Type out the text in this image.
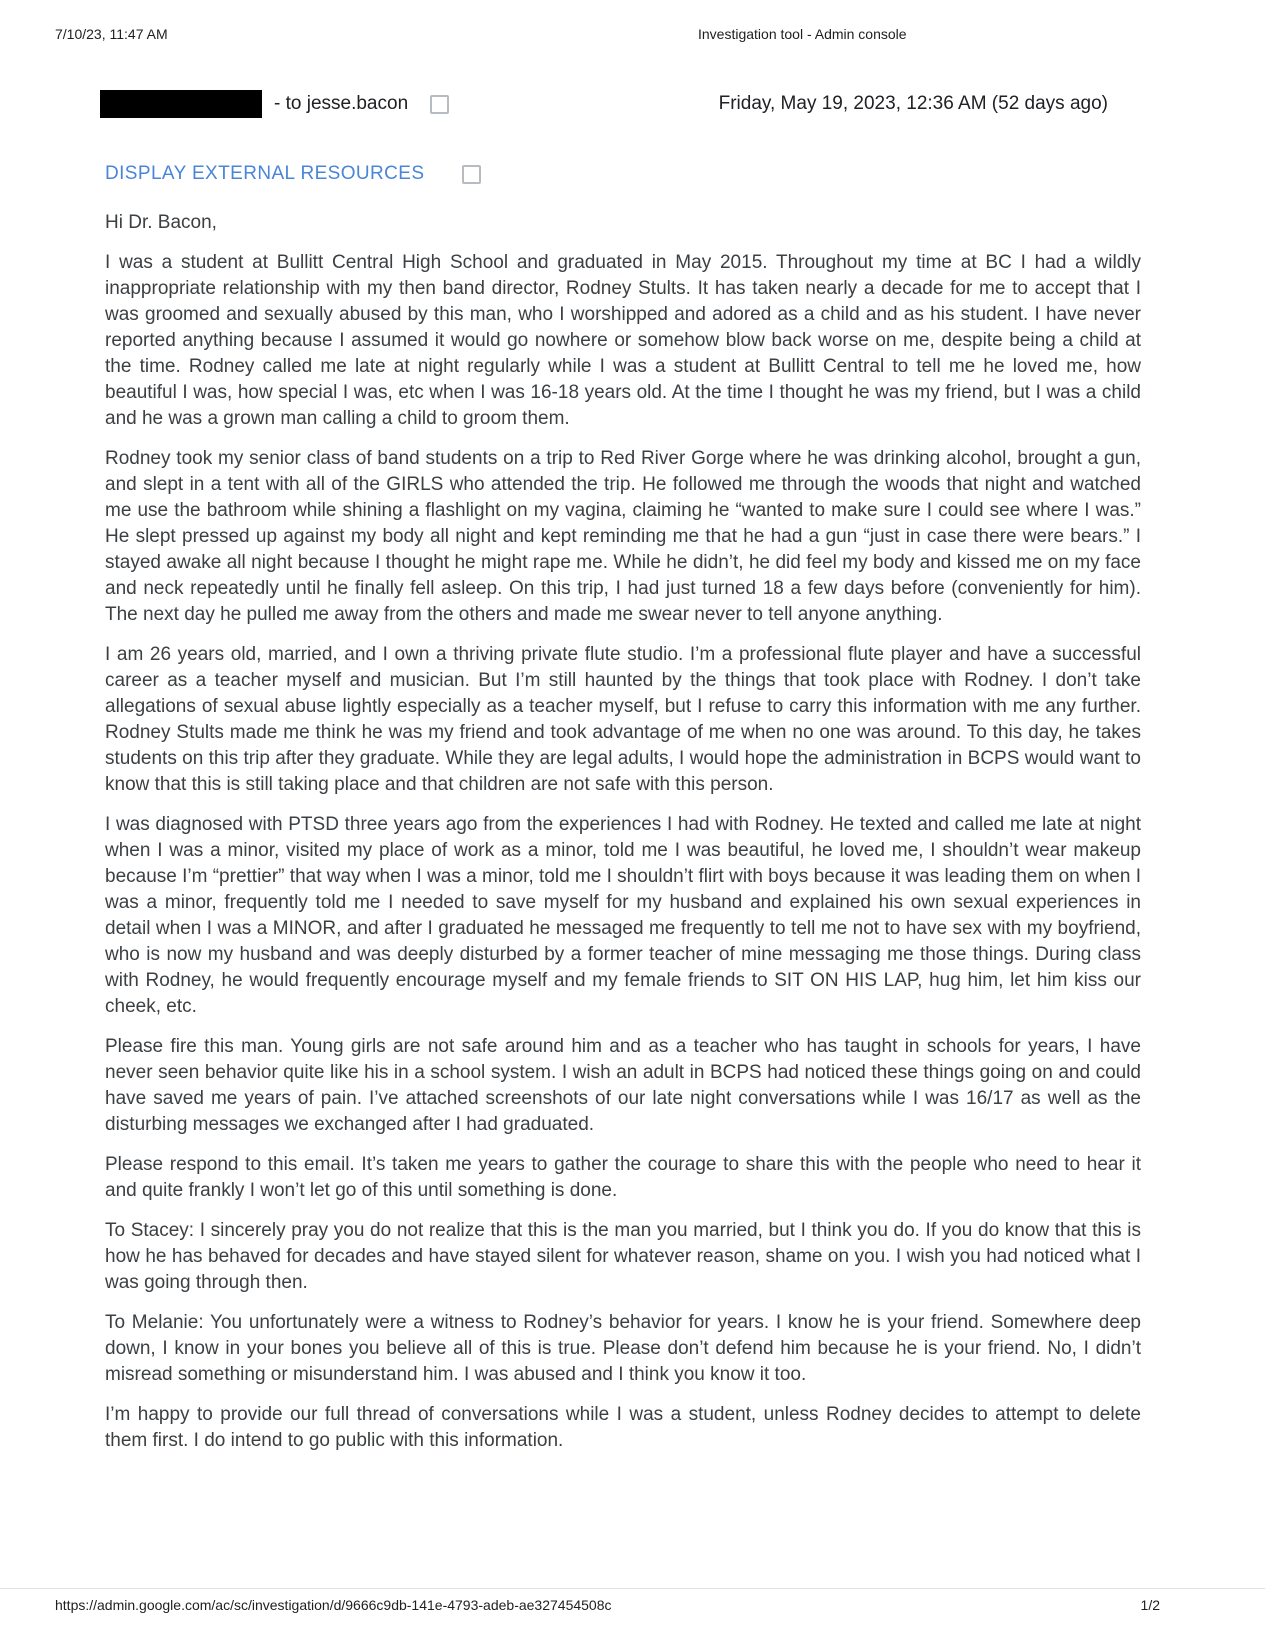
7/10/23, 11:47 AM	Investigation tool - Admin console
- to jesse.bacon	Friday, May 19, 2023, 12:36 AM (52 days ago)
DISPLAY EXTERNAL RESOURCES

Hi Dr. Bacon,

I was a student at Bullitt Central High School and graduated in May 2015. Throughout my time at BC I had a wildly inappropriate relationship with my then band director, Rodney Stults. It has taken nearly a decade for me to accept that I was groomed and sexually abused by this man, who I worshipped and adored as a child and as his student. I have never reported anything because I assumed it would go nowhere or somehow blow back worse on me, despite being a child at the time. Rodney called me late at night regularly while I was a student at Bullitt Central to tell me he loved me, how beautiful I was, how special I was, etc when I was 16-18 years old. At the time I thought he was my friend, but I was a child and he was a grown man calling a child to groom them.

Rodney took my senior class of band students on a trip to Red River Gorge where he was drinking alcohol, brought a gun, and slept in a tent with all of the GIRLS who attended the trip. He followed me through the woods that night and watched me use the bathroom while shining a flashlight on my vagina, claiming he “wanted to make sure I could see where I was.” He slept pressed up against my body all night and kept reminding me that he had a gun “just in case there were bears.” I stayed awake all night because I thought he might rape me. While he didn’t, he did feel my body and kissed me on my face and neck repeatedly until he finally fell asleep. On this trip, I had just turned 18 a few days before (conveniently for him). The next day he pulled me away from the others and made me swear never to tell anyone anything.

I am 26 years old, married, and I own a thriving private flute studio. I’m a professional flute player and have a successful career as a teacher myself and musician. But I’m still haunted by the things that took place with Rodney. I don’t take allegations of sexual abuse lightly especially as a teacher myself, but I refuse to carry this information with me any further. Rodney Stults made me think he was my friend and took advantage of me when no one was around. To this day, he takes students on this trip after they graduate. While they are legal adults, I would hope the administration in BCPS would want to know that this is still taking place and that children are not safe with this person.

I was diagnosed with PTSD three years ago from the experiences I had with Rodney. He texted and called me late at night when I was a minor, visited my place of work as a minor, told me I was beautiful, he loved me, I shouldn’t wear makeup because I’m “prettier” that way when I was a minor, told me I shouldn’t flirt with boys because it was leading them on when I was a minor, frequently told me I needed to save myself for my husband and explained his own sexual experiences in detail when I was a MINOR, and after I graduated he messaged me frequently to tell me not to have sex with my boyfriend, who is now my husband and was deeply disturbed by a former teacher of mine messaging me those things. During class with Rodney, he would frequently encourage myself and my female friends to SIT ON HIS LAP, hug him, let him kiss our cheek, etc.

Please fire this man. Young girls are not safe around him and as a teacher who has taught in schools for years, I have never seen behavior quite like his in a school system. I wish an adult in BCPS had noticed these things going on and could have saved me years of pain. I’ve attached screenshots of our late night conversations while I was 16/17 as well as the disturbing messages we exchanged after I had graduated.

Please respond to this email. It’s taken me years to gather the courage to share this with the people who need to hear it and quite frankly I won’t let go of this until something is done.

To Stacey: I sincerely pray you do not realize that this is the man you married, but I think you do. If you do know that this is how he has behaved for decades and have stayed silent for whatever reason, shame on you. I wish you had noticed what I was going through then.

To Melanie: You unfortunately were a witness to Rodney’s behavior for years. I know he is your friend. Somewhere deep down, I know in your bones you believe all of this is true. Please don’t defend him because he is your friend. No, I didn’t misread something or misunderstand him. I was abused and I think you know it too.

I’m happy to provide our full thread of conversations while I was a student, unless Rodney decides to attempt to delete them first. I do intend to go public with this information.

https://admin.google.com/ac/sc/investigation/d/9666c9db-141e-4793-adeb-ae327454508c	1/2
